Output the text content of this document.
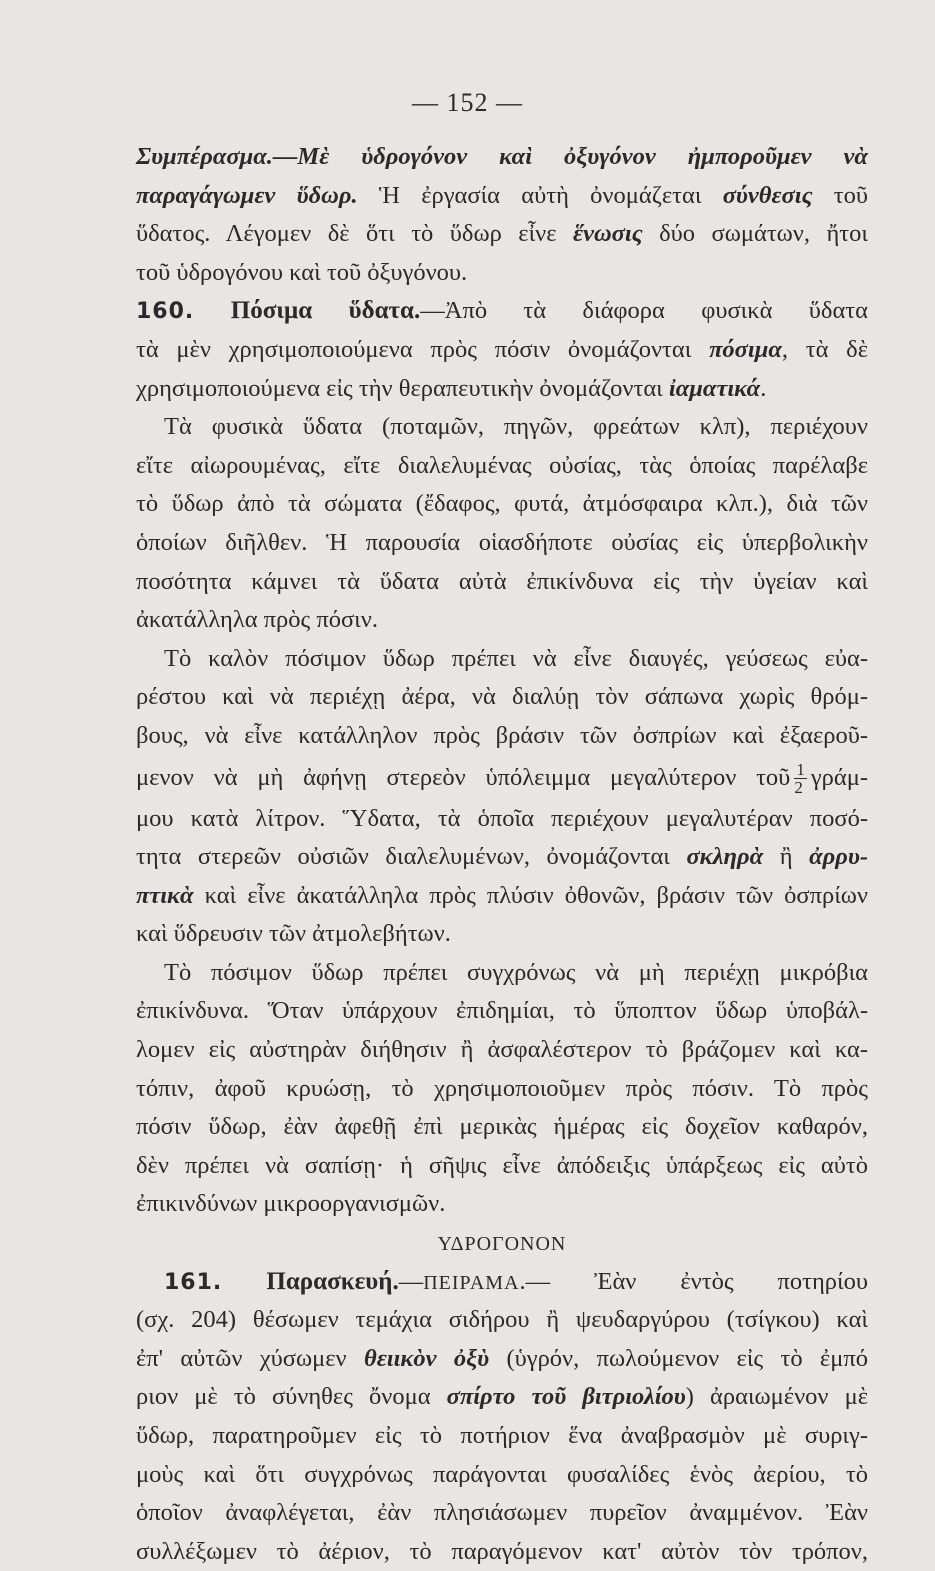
— 152 —
Συμπέρασμα.—Μὲ ὑδρογόνον καὶ ὀξυγόνον ἠμποροῦμεν νὰ
παραγάγωμεν ὕδωρ. Ἡ ἐργασία αὐτὴ ὀνομάζεται σύνθεσις τοῦ
ὕδατος. Λέγομεν δὲ ὅτι τὸ ὕδωρ εἶνε ἕνωσις δύο σωμάτων, ἤτοι
τοῦ ὑδρογόνου καὶ τοῦ ὀξυγόνου.
160. Πόσιμα ὕδατα.—Ἀπὸ τὰ διάφορα φυσικὰ ὕδατα
τὰ μὲν χρησιμοποιούμενα πρὸς πόσιν ὀνομάζονται πόσιμα, τὰ δὲ
χρησιμοποιούμενα εἰς τὴν θεραπευτικὴν ὀνομάζονται ἰαματικά.
Τὰ φυσικὰ ὕδατα (ποταμῶν, πηγῶν, φρεάτων κλπ), περιέχουν
εἴτε αἰωρουμένας, εἴτε διαλελυμένας οὐσίας, τὰς ὁποίας παρέλαβε
τὸ ὕδωρ ἀπὸ τὰ σώματα (ἔδαφος, φυτά, ἀτμόσφαιρα κλπ.), διὰ τῶν
ὁποίων διῆλθεν. Ἡ παρουσία οἱασδήποτε οὐσίας εἰς ὑπερβολικὴν
ποσότητα κάμνει τὰ ὕδατα αὐτὰ ἐπικίνδυνα εἰς τὴν ὑγείαν καὶ
ἀκατάλληλα πρὸς πόσιν.
Τὸ καλὸν πόσιμον ὕδωρ πρέπει νὰ εἶνε διαυγές, γεύσεως εὐα-
ρέστου καὶ νὰ περιέχῃ ἀέρα, νὰ διαλύῃ τὸν σάπωνα χωρὶς θρόμ-
βους, νὰ εἶνε κατάλληλον πρὸς βράσιν τῶν ὀσπρίων καὶ ἐξαεροῦ-
μενον νὰ μὴ ἀφήνῃ στερεὸν ὑπόλειμμα μεγαλύτερον τοῦ $\frac{1}{2} \gamma\rho ά\mu-$
μου κατὰ λίτρον. Ὕδατα, τὰ ὁποῖα περιέχουν μεγαλυτέραν ποσό-
τητα στερεῶν οὐσιῶν διαλελυμένων, ὀνομάζονται σκληρὰ ἢ ἀρρυ-
πτικὰ καὶ εἶνε ἀκατάλληλα πρὸς πλύσιν ὀθονῶν, βράσιν τῶν ὀσπρίων
καὶ ὕδρευσιν τῶν ἀτμολεβήτων.
Τὸ πόσιμον ὕδωρ πρέπει συγχρόνως νὰ μὴ περιέχῃ μικρόβια
ἐπικίνδυνα. Ὅταν ὑπάρχουν ἐπιδημίαι, τὸ ὕποπτον ὕδωρ ὑποβάλ-
λομεν εἰς αὐστηρὰν διήθησιν ἢ ἀσφαλέστερον τὸ βράζομεν καὶ κα-
τόπιν, ἀφοῦ κρυώσῃ, τὸ χρησιμοποιοῦμεν πρὸς πόσιν. Τὸ πρὸς
πόσιν ὕδωρ, ἐὰν ἀφεθῇ ἐπὶ μερικὰς ἡμέρας εἰς δοχεῖον καθαρόν,
δὲν πρέπει νὰ σαπίσῃ· ἡ σῆψις εἶνε ἀπόδειξις ὑπάρξεως εἰς αὐτὸ
ἐπικινδύνων μικροοργανισμῶν.
ΥΔΡΟΓΟΝΟΝ
161. Παρασκευή.—ΠΕΙΡΑΜΑ.— Ἐὰν ἐντὸς ποτηρίου
(σχ. 204) θέσωμεν τεμάχια σιδήρου ἢ ψευδαργύρου (τσίγκου) καὶ
ἐπ' αὐτῶν χύσωμεν θειικὸν ὀξὺ (ὑγρόν, πωλούμενον εἰς τὸ ἐμπό
ριον μὲ τὸ σύνηθες ὄνομα σπίρτο τοῦ βιτριολίου) ἀραιωμένον μὲ
ὕδωρ, παρατηροῦμεν εἰς τὸ ποτήριον ἕνα ἀναβρασμὸν μὲ συριγ-
μοὺς καὶ ὅτι συγχρόνως παράγονται φυσαλίδες ἑνὸς ἀερίου, τὸ
ὁποῖον ἀναφλέγεται, ἐὰν πλησιάσωμεν πυρεῖον ἀναμμένον. Ἐὰν
συλλέξωμεν τὸ ἀέριον, τὸ παραγόμενον κατ' αὐτὸν τὸν τρόπον,
